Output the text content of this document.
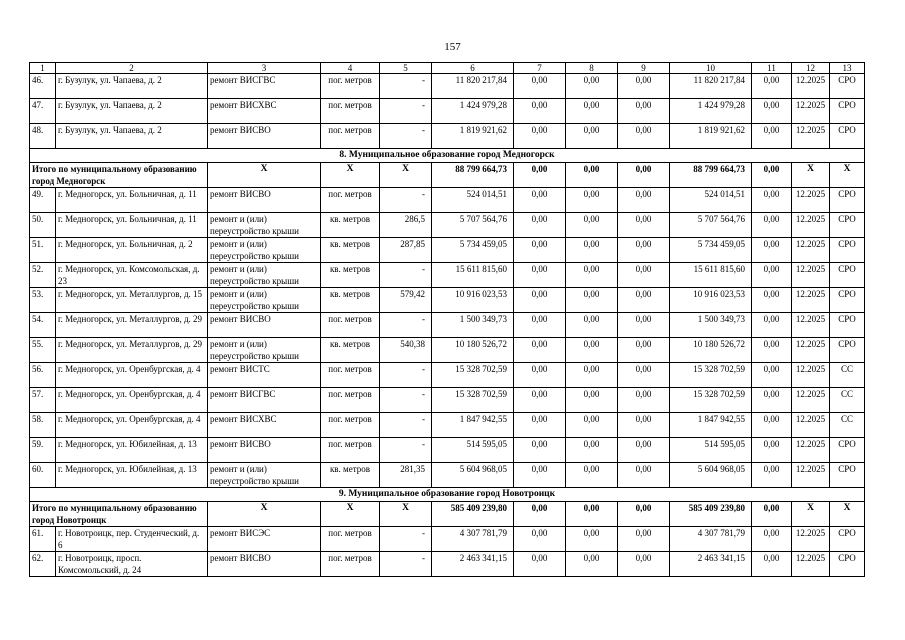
157
1	2	3	4	5	6	7	8	9	10	11	12	13
46.	г. Бузулук, ул. Чапаева, д. 2	ремонт ВИСГВС	пог. метров	-	11 820 217,84	0,00	0,00	0,00	11 820 217,84	0,00	12.2025	СРО
47.	г. Бузулук, ул. Чапаева, д. 2	ремонт ВИСХВС	пог. метров	-	1 424 979,28	0,00	0,00	0,00	1 424 979,28	0,00	12.2025	СРО
48.	г. Бузулук, ул. Чапаева, д. 2	ремонт ВИСВО	пог. метров	-	1 819 921,62	0,00	0,00	0,00	1 819 921,62	0,00	12.2025	СРО
8. Муниципальное образование город Медногорск												
Итого по муниципальному образованию город Медногорск		X	X	X	88 799 664,73	0,00	0,00	0,00	88 799 664,73	0,00	X	X
49.	г. Медногорск, ул. Больничная, д. 11	ремонт ВИСВО	пог. метров	-	524 014,51	0,00	0,00	0,00	524 014,51	0,00	12.2025	СРО
50.	г. Медногорск, ул. Больничная, д. 11	ремонт и (или) переустройство крыши	кв. метров	286,5	5 707 564,76	0,00	0,00	0,00	5 707 564,76	0,00	12.2025	СРО
51.	г. Медногорск, ул. Больничная, д. 2	ремонт и (или) переустройство крыши	кв. метров	287,85	5 734 459,05	0,00	0,00	0,00	5 734 459,05	0,00	12.2025	СРО
52.	г. Медногорск, ул. Комсомольская, д. 23	ремонт и (или) переустройство крыши	кв. метров	-	15 611 815,60	0,00	0,00	0,00	15 611 815,60	0,00	12.2025	СРО
53.	г. Медногорск, ул. Металлургов, д. 15	ремонт и (или) переустройство крыши	кв. метров	579,42	10 916 023,53	0,00	0,00	0,00	10 916 023,53	0,00	12.2025	СРО
54.	г. Медногорск, ул. Металлургов, д. 29	ремонт ВИСВО	пог. метров	-	1 500 349,73	0,00	0,00	0,00	1 500 349,73	0,00	12.2025	СРО
55.	г. Медногорск, ул. Металлургов, д. 29	ремонт и (или) переустройство крыши	кв. метров	540,38	10 180 526,72	0,00	0,00	0,00	10 180 526,72	0,00	12.2025	СРО
56.	г. Медногорск, ул. Оренбургская, д. 4	ремонт ВИСТС	пог. метров	-	15 328 702,59	0,00	0,00	0,00	15 328 702,59	0,00	12.2025	СС
57.	г. Медногорск, ул. Оренбургская, д. 4	ремонт ВИСГВС	пог. метров	-	15 328 702,59	0,00	0,00	0,00	15 328 702,59	0,00	12.2025	СС
58.	г. Медногорск, ул. Оренбургская, д. 4	ремонт ВИСХВС	пог. метров	-	1 847 942,55	0,00	0,00	0,00	1 847 942,55	0,00	12.2025	СС
59.	г. Медногорск, ул. Юбилейная, д. 13	ремонт ВИСВО	пог. метров	-	514 595,05	0,00	0,00	0,00	514 595,05	0,00	12.2025	СРО
60.	г. Медногорск, ул. Юбилейная, д. 13	ремонт и (или) переустройство крыши	кв. метров	281,35	5 604 968,05	0,00	0,00	0,00	5 604 968,05	0,00	12.2025	СРО
9. Муниципальное образование город Новотроицк												
Итого по муниципальному образованию город Новотроицк		X	X	X	585 409 239,80	0,00	0,00	0,00	585 409 239,80	0,00	X	X
61.	г. Новотроицк, пер. Студенческий, д. 6	ремонт ВИСЭС	пог. метров	-	4 307 781,79	0,00	0,00	0,00	4 307 781,79	0,00	12.2025	СРО
62.	г. Новотроицк, просп. Комсомольский, д. 24	ремонт ВИСВО	пог. метров	-	2 463 341,15	0,00	0,00	0,00	2 463 341,15	0,00	12.2025	СРО
